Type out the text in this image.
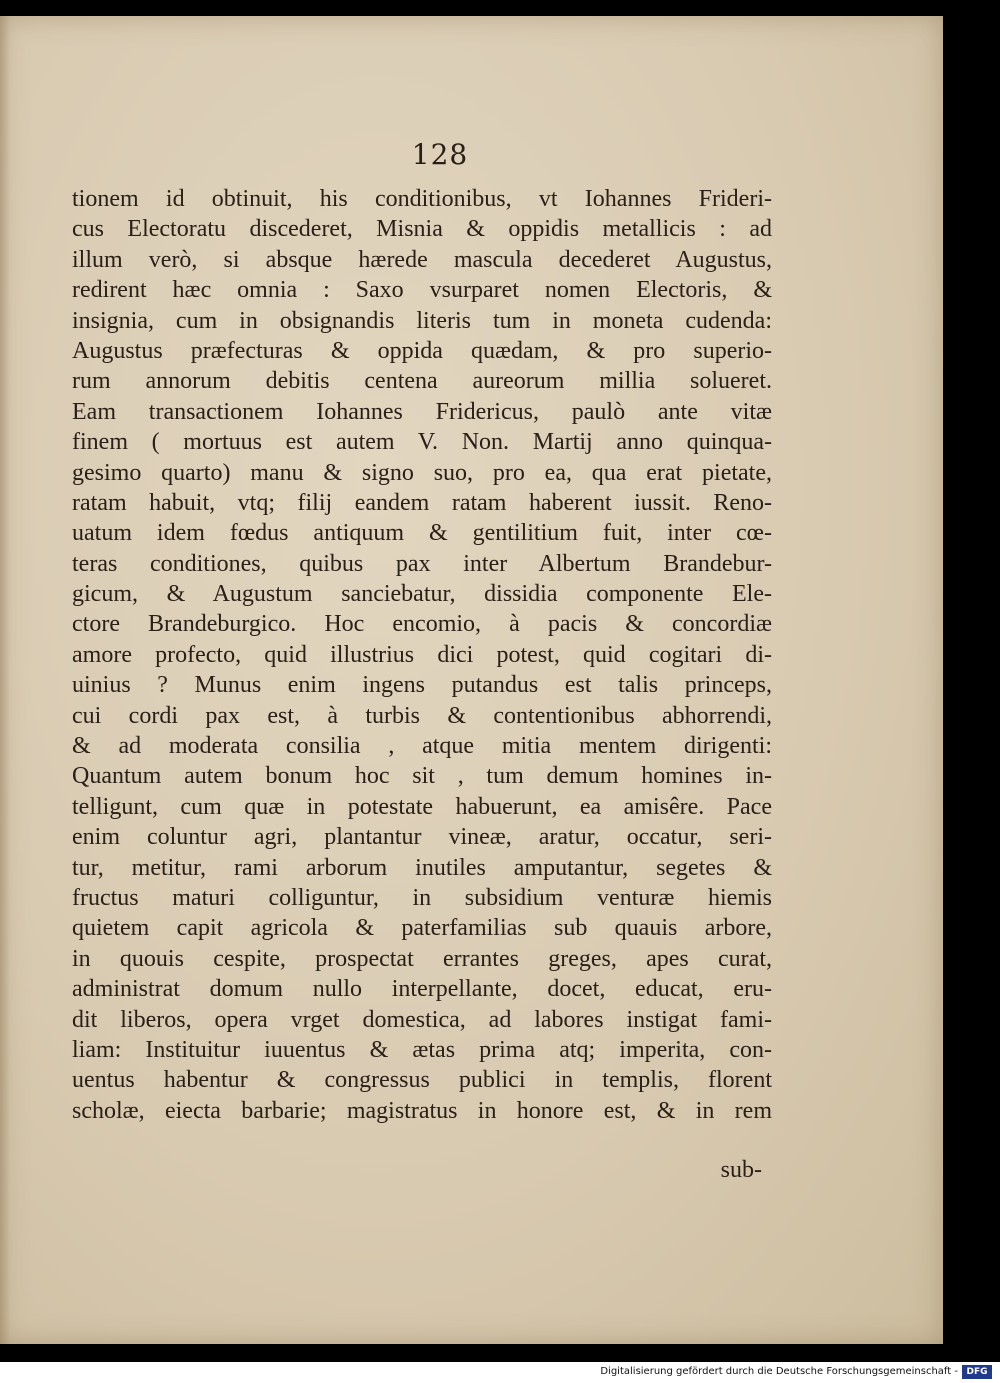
128
tionem id obtinuit, his conditionibus, vt Iohannes Frideri-
cus Electoratu discederet, Misnia & oppidis metallicis : ad
illum verò, si absque hærede mascula decederet Augustus,
redirent hæc omnia : Saxo vsurparet nomen Electoris, &
insignia, cum in obsignandis literis tum in moneta cudenda:
Augustus præfecturas & oppida quædam, & pro superio-
rum annorum debitis centena aureorum millia solueret.
Eam transactionem Iohannes Fridericus, paulò ante vitæ
finem ( mortuus est autem V. Non. Martij anno quinqua-
gesimo quarto) manu & signo suo, pro ea, qua erat pietate,
ratam habuit, vtq; filij eandem ratam haberent iussit. Reno-
uatum idem fœdus antiquum & gentilitium fuit, inter cœ-
teras conditiones, quibus pax inter Albertum Brandebur-
gicum, & Augustum sanciebatur, dissidia componente Ele-
ctore Brandeburgico. Hoc encomio, à pacis & concordiæ
amore profecto, quid illustrius dici potest, quid cogitari di-
uinius ? Munus enim ingens putandus est talis princeps,
cui cordi pax est, à turbis & contentionibus abhorrendi,
& ad moderata consilia , atque mitia mentem dirigenti:
Quantum autem bonum hoc sit , tum demum homines in-
telligunt, cum quæ in potestate habuerunt, ea amisêre. Pace
enim coluntur agri, plantantur vineæ, aratur, occatur, seri-
tur, metitur, rami arborum inutiles amputantur, segetes &
fructus maturi colliguntur, in subsidium venturæ hiemis
quietem capit agricola & paterfamilias sub quauis arbore,
in quouis cespite, prospectat errantes greges, apes curat,
administrat domum nullo interpellante, docet, educat, eru-
dit liberos, opera vrget domestica, ad labores instigat fami-
liam: Instituitur iuuentus & ætas prima atq; imperita, con-
uentus habentur & congressus publici in templis, florent
scholæ, eiecta barbarie; magistratus in honore est, & in rem
sub-
Digitalisierung gefördert durch die Deutsche Forschungsgemeinschaft - DFG
